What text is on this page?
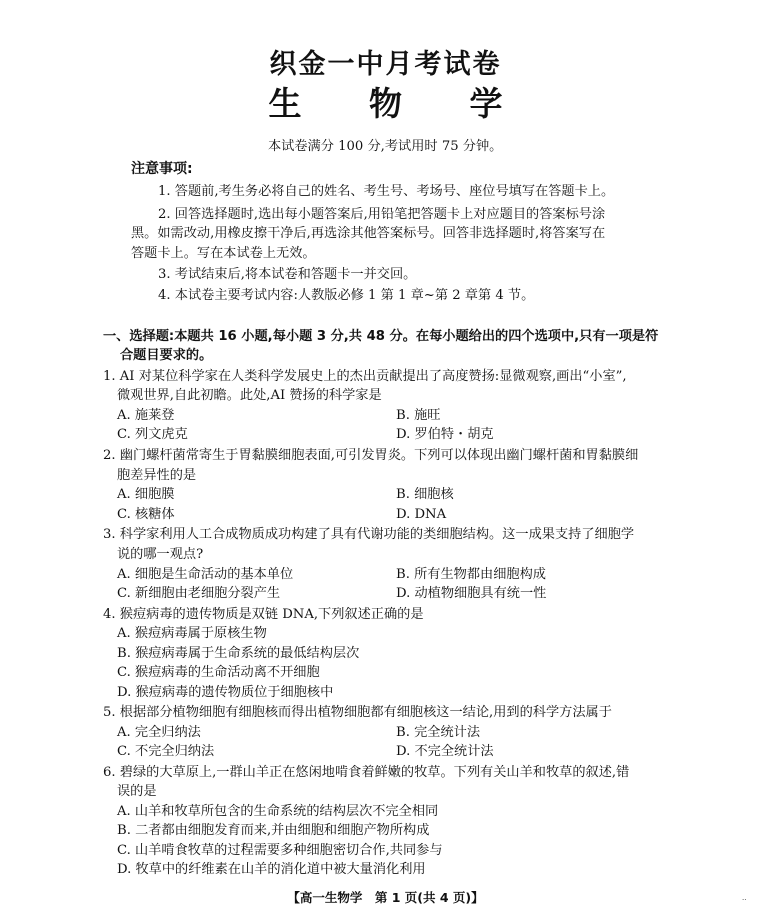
织金一中月考试卷
生 物 学
本试卷满分 100 分,考试用时 75 分钟。
注意事项:
1. 答题前,考生务必将自己的姓名、考生号、考场号、座位号填写在答题卡上。
2. 回答选择题时,选出每小题答案后,用铅笔把答题卡上对应题目的答案标号涂
黑。如需改动,用橡皮擦干净后,再选涂其他答案标号。回答非选择题时,将答案写在
答题卡上。写在本试卷上无效。
3. 考试结束后,将本试卷和答题卡一并交回。
4. 本试卷主要考试内容:人教版必修 1 第 1 章~第 2 章第 4 节。
一、选择题:本题共 16 小题,每小题 3 分,共 48 分。在每小题给出的四个选项中,只有一项是符
合题目要求的。
1. AI 对某位科学家在人类科学发展史上的杰出贡献提出了高度赞扬:显微观察,画出“小室”,
微观世界,自此初瞻。此处,AI 赞扬的科学家是
A. 施莱登	B. 施旺
C. 列文虎克	D. 罗伯特・胡克
2. 幽门螺杆菌常寄生于胃黏膜细胞表面,可引发胃炎。下列可以体现出幽门螺杆菌和胃黏膜细
胞差异性的是
A. 细胞膜	B. 细胞核
C. 核糖体	D. DNA
3. 科学家利用人工合成物质成功构建了具有代谢功能的类细胞结构。这一成果支持了细胞学
说的哪一观点?
A. 细胞是生命活动的基本单位	B. 所有生物都由细胞构成
C. 新细胞由老细胞分裂产生	D. 动植物细胞具有统一性
4. 猴痘病毒的遗传物质是双链 DNA,下列叙述正确的是
A. 猴痘病毒属于原核生物
B. 猴痘病毒属于生命系统的最低结构层次
C. 猴痘病毒的生命活动离不开细胞
D. 猴痘病毒的遗传物质位于细胞核中
5. 根据部分植物细胞有细胞核而得出植物细胞都有细胞核这一结论,用到的科学方法属于
A. 完全归纳法	B. 完全统计法
C. 不完全归纳法	D. 不完全统计法
6. 碧绿的大草原上,一群山羊正在悠闲地啃食着鲜嫩的牧草。下列有关山羊和牧草的叙述,错
误的是
A. 山羊和牧草所包含的生命系统的结构层次不完全相同
B. 二者都由细胞发育而来,并由细胞和细胞产物所构成
C. 山羊啃食牧草的过程需要多种细胞密切合作,共同参与
D. 牧草中的纤维素在山羊的消化道中被大量消化利用
【高一生物学　第 1 页(共 4 页)】	··
